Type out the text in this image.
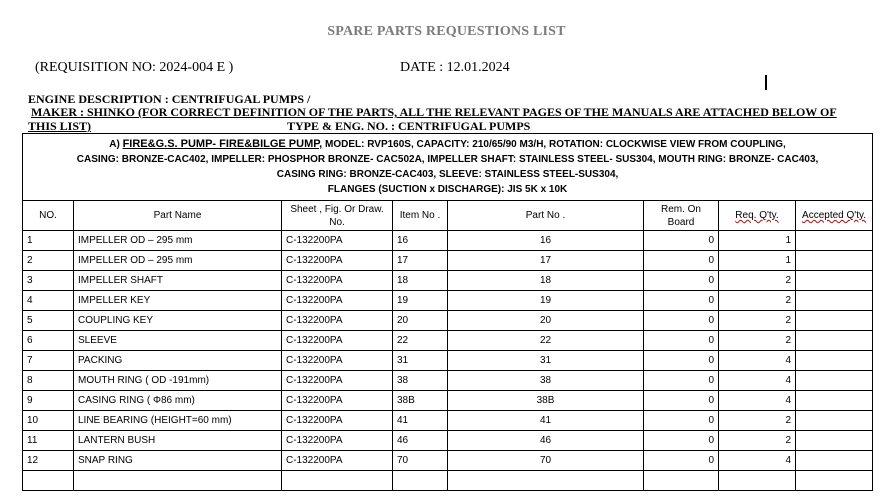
SPARE PARTS REQUESTIONS LIST
(REQUISITION NO: 2024-004 E )	DATE : 12.01.2024
ENGINE DESCRIPTION : CENTRIFUGAL PUMPS /
MAKER : SHINKO (FOR CORRECT DEFINITION OF THE PARTS, ALL THE RELEVANT PAGES OF THE MANUALS ARE ATTACHED BELOW OF
THIS LIST)	TYPE & ENG. NO. : CENTRIFUGAL PUMPS
A) FIRE&G.S. PUMP- FIRE&BILGE PUMP, MODEL: RVP160S, CAPACITY: 210/65/90 M3/H, ROTATION: CLOCKWISE VIEW FROM COUPLING,
CASING: BRONZE-CAC402, IMPELLER: PHOSPHOR BRONZE- CAC502A, IMPELLER SHAFT: STAINLESS STEEL- SUS304, MOUTH RING: BRONZE- CAC403,
CASING RING: BRONZE-CAC403, SLEEVE: STAINLESS STEEL-SUS304,
FLANGES (SUCTION x DISCHARGE): JIS 5K x 10K							
NO.	Part Name	Sheet , Fig. Or Draw. No.	Item No .	Part No .	Rem. On Board	Req. Q'ty.	Accepted Q'ty.
1	IMPELLER OD – 295 mm	C-132200PA	16	16	0	1	
2	IMPELLER OD – 295 mm	C-132200PA	17	17	0	1	
3	IMPELLER SHAFT	C-132200PA	18	18	0	2	
4	IMPELLER KEY	C-132200PA	19	19	0	2	
5	COUPLING KEY	C-132200PA	20	20	0	2	
6	SLEEVE	C-132200PA	22	22	0	2	
7	PACKING	C-132200PA	31	31	0	4	
8	MOUTH RING ( OD -191mm)	C-132200PA	38	38	0	4	
9	CASING RING ( Φ86 mm)	C-132200PA	38B	38B	0	4	
10	LINE BEARING (HEIGHT=60 mm)	C-132200PA	41	41	0	2	
11	LANTERN BUSH	C-132200PA	46	46	0	2	
12	SNAP RING	C-132200PA	70	70	0	4	
